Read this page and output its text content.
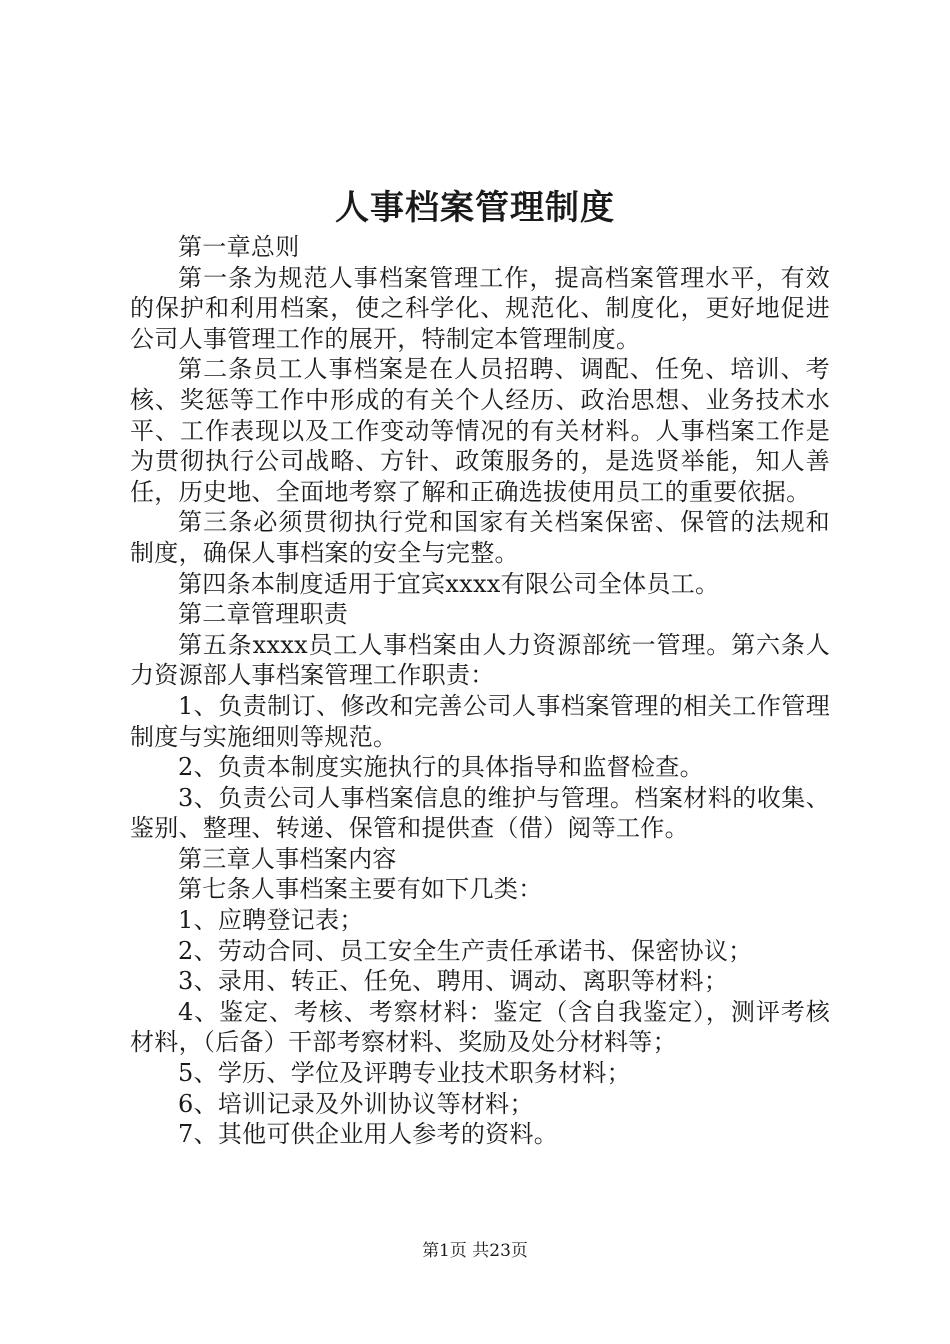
人事档案管理制度

第一章总则

第一条为规范人事档案管理工作，提高档案管理水平，有效的保护和利用档案，使之科学化、规范化、制度化，更好地促进公司人事管理工作的展开，特制定本管理制度。

第二条员工人事档案是在人员招聘、调配、任免、培训、考核、奖惩等工作中形成的有关个人经历、政治思想、业务技术水平、工作表现以及工作变动等情况的有关材料。人事档案工作是为贯彻执行公司战略、方针、政策服务的，是选贤举能，知人善任，历史地、全面地考察了解和正确选拔使用员工的重要依据。

第三条必须贯彻执行党和国家有关档案保密、保管的法规和制度，确保人事档案的安全与完整。

第四条本制度适用于宜宾xxxx有限公司全体员工。

第二章管理职责

第五条xxxx员工人事档案由人力资源部统一管理。第六条人力资源部人事档案管理工作职责：

1、负责制订、修改和完善公司人事档案管理的相关工作管理制度与实施细则等规范。

2、负责本制度实施执行的具体指导和监督检查。

3、负责公司人事档案信息的维护与管理。档案材料的收集、鉴别、整理、转递、保管和提供查（借）阅等工作。

第三章人事档案内容

第七条人事档案主要有如下几类：

1、应聘登记表；

2、劳动合同、员工安全生产责任承诺书、保密协议；

3、录用、转正、任免、聘用、调动、离职等材料；

4、鉴定、考核、考察材料：鉴定（含自我鉴定），测评考核材料，（后备）干部考察材料、奖励及处分材料等；

5、学历、学位及评聘专业技术职务材料；

6、培训记录及外训协议等材料；

7、其他可供企业用人参考的资料。

第1页 共23页
